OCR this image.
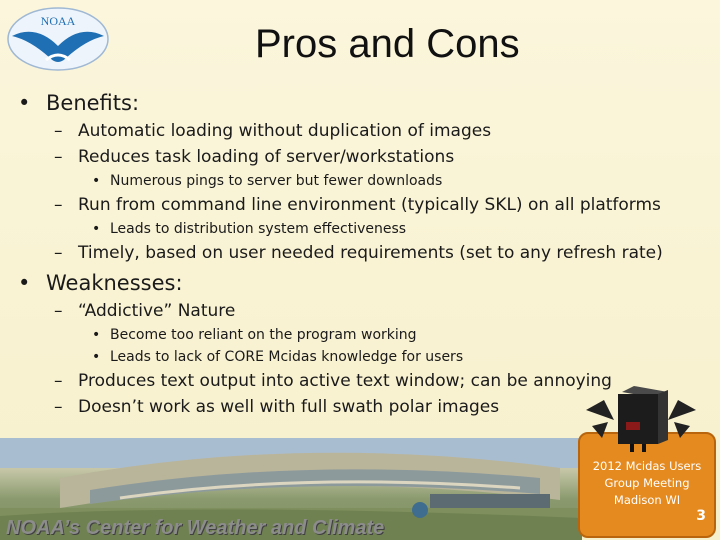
NOAA
Pros and Cons
• Benefits:
– Automatic loading without duplication of images
– Reduces task loading of server/workstations
• Numerous pings to server but fewer downloads
– Run from command line environment (typically SKL) on all platforms
• Leads to distribution system effectiveness
– Timely, based on user needed requirements (set to any refresh rate)
• Weaknesses:
– “Addictive” Nature
• Become too reliant on the program working
• Leads to lack of CORE Mcidas knowledge for users
– Produces text output into active text window; can be annoying
– Doesn’t work as well with full swath polar images
NOAA’s Center for Weather and Climate
2012 Mcidas Users
Group Meeting
Madison WI
3
